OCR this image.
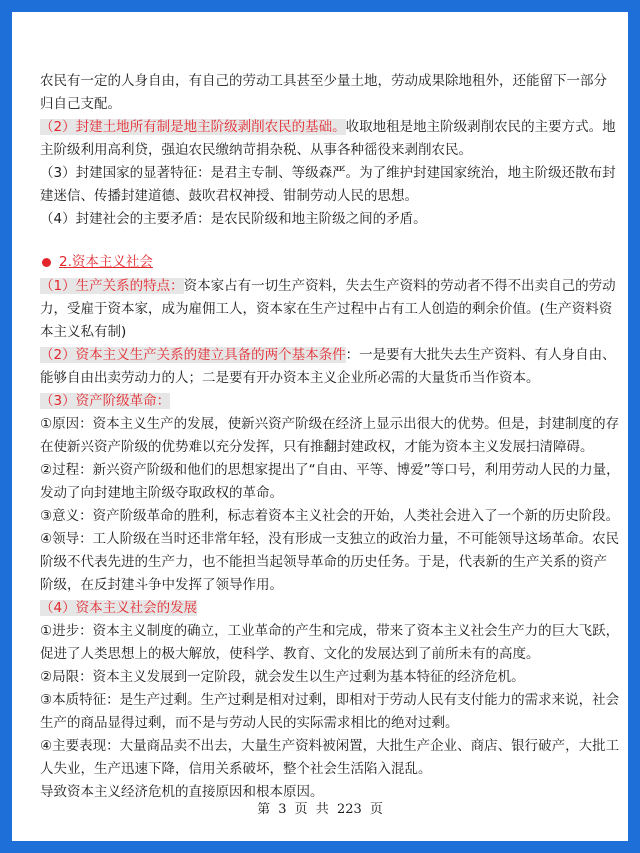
农民有一定的人身自由，有自己的劳动工具甚至少量土地，劳动成果除地租外，还能留下一部分归自己支配。

（2）封建土地所有制是地主阶级剥削农民的基础。收取地租是地主阶级剥削农民的主要方式。地主阶级利用高利贷，强迫农民缴纳苛捐杂税、从事各种徭役来剥削农民。

（3）封建国家的显著特征：是君主专制、等级森严。为了维护封建国家统治，地主阶级还散布封建迷信、传播封建道德、鼓吹君权神授、钳制劳动人民的思想。

（4）封建社会的主要矛盾：是农民阶级和地主阶级之间的矛盾。

2.资本主义社会

（1）生产关系的特点：资本家占有一切生产资料，失去生产资料的劳动者不得不出卖自己的劳动力，受雇于资本家，成为雇佣工人，资本家在生产过程中占有工人创造的剩余价值。(生产资料资本主义私有制)

（2）资本主义生产关系的建立具备的两个基本条件：一是要有大批失去生产资料、有人身自由、能够自由出卖劳动力的人；二是要有开办资本主义企业所必需的大量货币当作资本。

（3）资产阶级革命：

①原因：资本主义生产的发展，使新兴资产阶级在经济上显示出很大的优势。但是，封建制度的存在使新兴资产阶级的优势难以充分发挥，只有推翻封建政权，才能为资本主义发展扫清障碍。

②过程：新兴资产阶级和他们的思想家提出了“自由、平等、博爱”等口号，利用劳动人民的力量，发动了向封建地主阶级夺取政权的革命。

③意义：资产阶级革命的胜利，标志着资本主义社会的开始，人类社会进入了一个新的历史阶段。

④领导：工人阶级在当时还非常年轻，没有形成一支独立的政治力量，不可能领导这场革命。农民阶级不代表先进的生产力，也不能担当起领导革命的历史任务。于是，代表新的生产关系的资产阶级，在反封建斗争中发挥了领导作用。

（4）资本主义社会的发展

①进步：资本主义制度的确立，工业革命的产生和完成，带来了资本主义社会生产力的巨大飞跃，促进了人类思想上的极大解放，使科学、教育、文化的发展达到了前所未有的高度。

②局限：资本主义发展到一定阶段，就会发生以生产过剩为基本特征的经济危机。

③本质特征：是生产过剩。生产过剩是相对过剩，即相对于劳动人民有支付能力的需求来说，社会生产的商品显得过剩，而不是与劳动人民的实际需求相比的绝对过剩。

④主要表现：大量商品卖不出去，大量生产资料被闲置，大批生产企业、商店、银行破产，大批工人失业，生产迅速下降，信用关系破坏，整个社会生活陷入混乱。

导致资本主义经济危机的直接原因和根本原因。

第 3 页 共 223 页
